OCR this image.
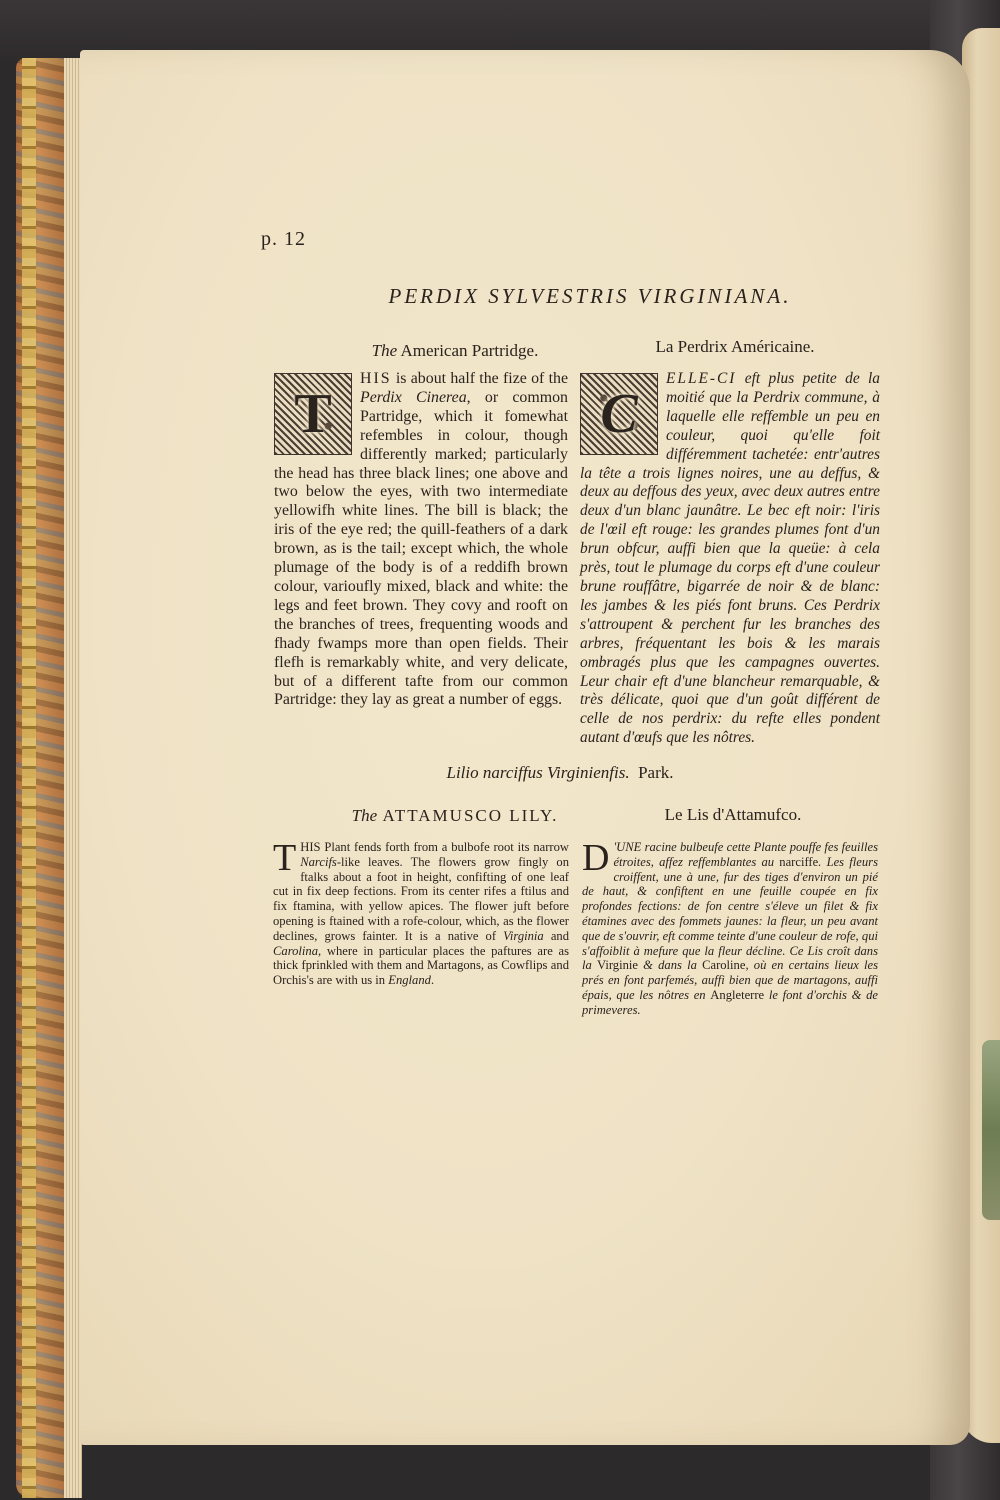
p. 12
PERDIX SYLVESTRIS VIRGINIANA.
The American Partridge.	La Perdrix Américaine.
T
HIS is about half the fize of the Perdix Cinerea, or common Partridge, which it fomewhat refembles in colour, though differently marked; particularly the head has three black lines; one above and two below the eyes, with two intermediate yellowifh white lines. The bill is black; the iris of the eye red; the quill-feathers of a dark brown, as is the tail; except which, the whole plumage of the body is of a reddifh brown colour, varioufly mixed, black and white: the legs and feet brown. They covy and rooft on the branches of trees, frequenting woods and fhady fwamps more than open fields. Their flefh is remarkably white, and very delicate, but of a different tafte from our common Partridge: they lay as great a number of eggs.
C
ELLE-CI eft plus petite de la moitié que la Perdrix commune, à laquelle elle reffemble un peu en couleur, quoi qu'elle foit différemment tachetée: entr'autres la tête a trois lignes noires, une au deffus, & deux au deffous des yeux, avec deux autres entre deux d'un blanc jaunâtre. Le bec eft noir: l'iris de l'œil eft rouge: les grandes plumes font d'un brun obfcur, auffi bien que la queüe: à cela près, tout le plumage du corps eft d'une couleur brune rouffâtre, bigarrée de noir & de blanc: les jambes & les piés font bruns. Ces Perdrix s'attroupent & perchent fur les branches des arbres, fréquentant les bois & les marais ombragés plus que les campagnes ouvertes. Leur chair eft d'une blancheur remarquable, & très délicate, quoi que d'un goût différent de celle de nos perdrix: du refte elles pondent autant d'œufs que les nôtres.
Lilio narciffus Virginienfis. Park.
The ATTAMUSCO LILY.	Le Lis d'Attamufco.
THIS Plant fends forth from a bulbofe root its narrow Narcifs-like leaves. The flowers grow fingly on ftalks about a foot in height, confifting of one leaf cut in fix deep fections. From its center rifes a ftilus and fix ftamina, with yellow apices. The flower juft before opening is ftained with a rofe-colour, which, as the flower declines, grows fainter. It is a native of Virginia and Carolina, where in particular places the paftures are as thick fprinkled with them and Martagons, as Cowflips and Orchis's are with us in England.
D 'UNE racine bulbeufe cette Plante pouffe fes feuilles étroites, affez reffemblantes au narciffe. Les fleurs croiffent, une à une, fur des tiges d'environ un pié de haut, & confiftent en une feuille coupée en fix profondes fections: de fon centre s'éleve un filet & fix étamines avec des fommets jaunes: la fleur, un peu avant que de s'ouvrir, eft comme teinte d'une couleur de rofe, qui s'affoiblit à mefure que la fleur décline. Ce Lis croît dans la Virginie & dans la Caroline, où en certains lieux les prés en font parfemés, auffi bien que de martagons, auffi épais, que les nôtres en Angleterre le font d'orchis & de primeveres.
